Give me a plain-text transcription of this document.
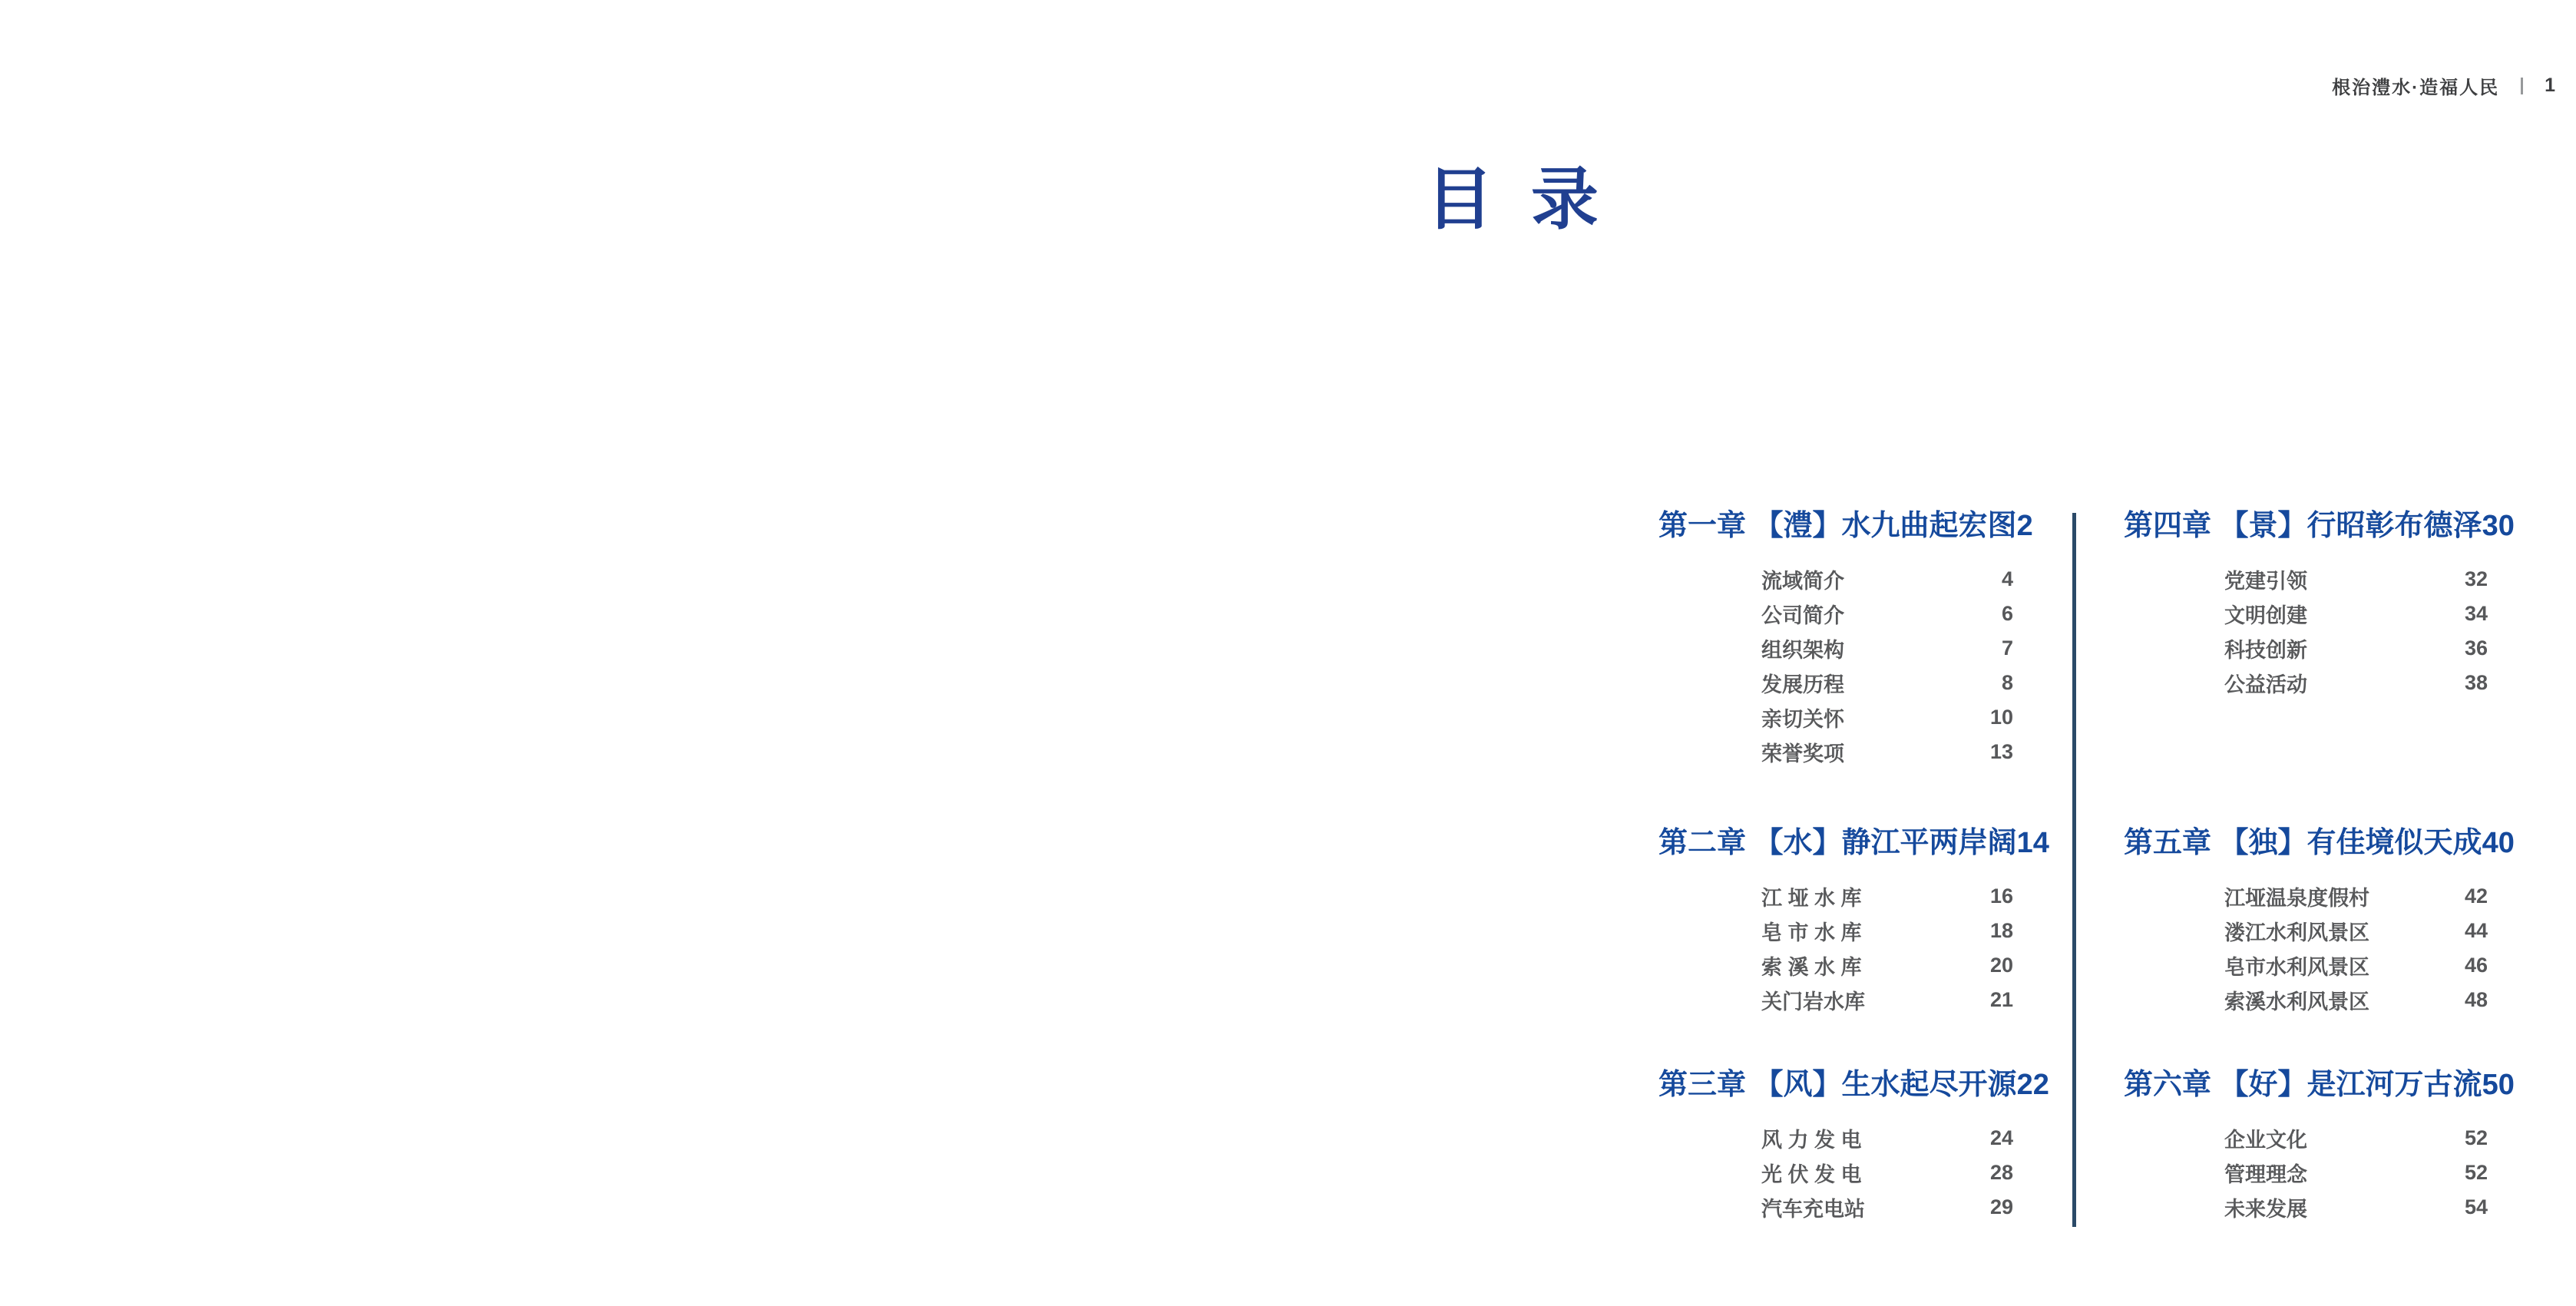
根治澧水·造福人民 1
目  录
第一章 【澧】水九曲起宏图 2
流域简介	4
公司简介	6
组织架构	7
发展历程	8
亲切关怀	10
荣誉奖项	13
第二章 【水】静江平两岸阔 14
江 垭 水 库	16
皂 市 水 库	18
索 溪 水 库	20
关门岩水库	21
第三章 【风】生水起尽开源 22
风 力 发 电	24
光 伏 发 电	28
汽车充电站	29
第四章 【景】行昭彰布德泽 30
党建引领	32
文明创建	34
科技创新	36
公益活动	38
第五章 【独】有佳境似天成 40
江垭温泉度假村	42
溇江水利风景区	44
皂市水利风景区	46
索溪水利风景区	48
第六章 【好】是江河万古流 50
企业文化	52
管理理念	52
未来发展	54
